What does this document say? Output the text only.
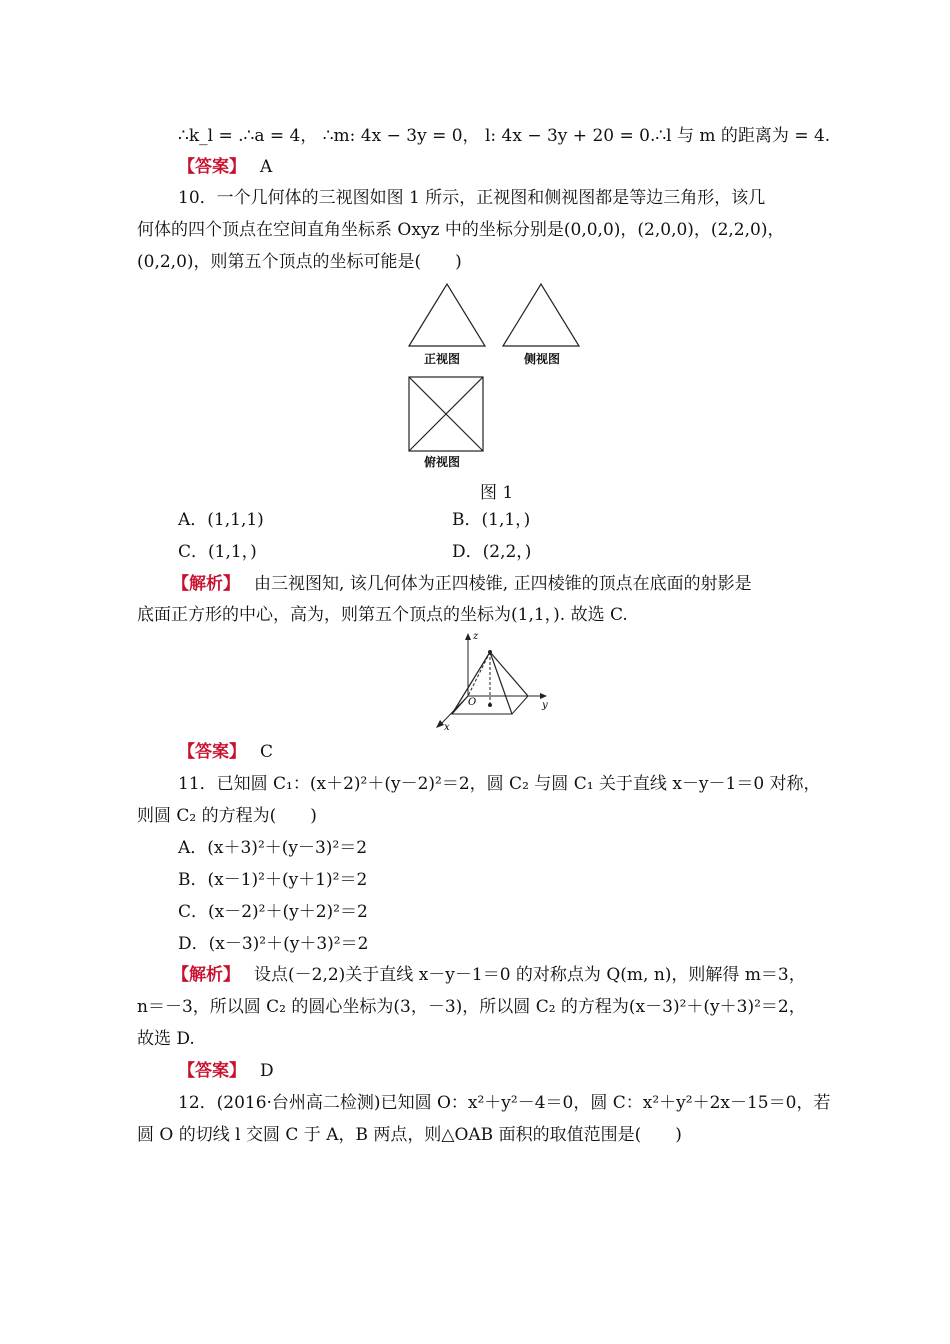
∴k_l = .∴a = 4， ∴m: 4x − 3y = 0， l: 4x − 3y + 20 = 0.∴l 与 m 的距离为 = 4.
【答案】 A
10．一个几何体的三视图如图 1 所示，正视图和侧视图都是等边三角形，该几
何体的四个顶点在空间直角坐标系 Oxyz 中的坐标分别是(0,0,0)，(2,0,0)，(2,2,0)，
(0,2,0)，则第五个顶点的坐标可能是(　　)
正视图	侧视图
俯视图
图 1
A．(1,1,1)	B．(1,1，)
C．(1,1，)	D．(2,2，)
【解析】 由三视图知, 该几何体为正四棱锥, 正四棱锥的顶点在底面的射影是
底面正方形的中心，高为，则第五个顶点的坐标为(1,1，). 故选 C.
z
y
x
O
【答案】 C
11．已知圆 C₁：(x＋2)²＋(y－2)²＝2，圆 C₂ 与圆 C₁ 关于直线 x－y－1＝0 对称，
则圆 C₂ 的方程为(　　)
A．(x＋3)²＋(y－3)²＝2
B．(x－1)²＋(y＋1)²＝2
C．(x－2)²＋(y＋2)²＝2
D．(x－3)²＋(y＋3)²＝2
【解析】 设点(－2,2)关于直线 x－y－1＝0 的对称点为 Q(m, n)，则解得 m＝3，
n＝－3，所以圆 C₂ 的圆心坐标为(3，－3)，所以圆 C₂ 的方程为(x－3)²＋(y＋3)²＝2，
故选 D.
【答案】 D
12．(2016·台州高二检测)已知圆 O：x²＋y²－4＝0，圆 C：x²＋y²＋2x－15＝0，若
圆 O 的切线 l 交圆 C 于 A，B 两点，则△OAB 面积的取值范围是(　　)
